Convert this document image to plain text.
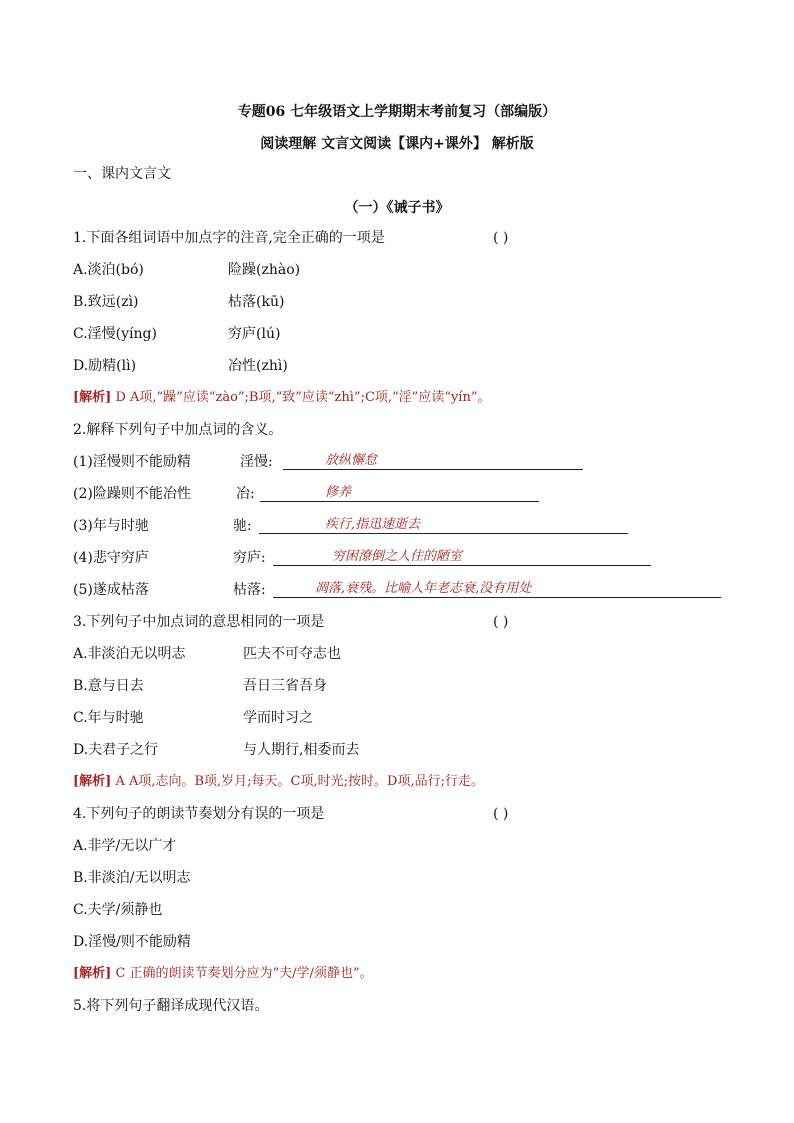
专题06 七年级语文上学期期末考前复习（部编版）
阅读理解 文言文阅读【课内+课外】 解析版
一、课内文言文
（一）《诫子书》
1.下面各组词语中加点字的注音,完全正确的一项是	( )
A.淡泊(bó)	险躁(zhào)
B.致远(zì)	枯落(kū)
C.淫慢(yíng)	穷庐(lú)
D.励精(lì)	冶性(zhì)
[解析] D A项,“躁”应读“zào”;B项,“致”应读“zhì”;C项,“淫”应读“yín”。
2.解释下列句子中加点词的含义。
(1)淫慢则不能励精	淫慢:	放纵懈怠
(2)险躁则不能冶性	冶:	修养
(3)年与时驰	驰:	疾行,指迅速逝去
(4)悲守穷庐	穷庐:	穷困潦倒之人住的陋室
(5)遂成枯落	枯落:	凋落,衰残。比喻人年老志衰,没有用处
3.下列句子中加点词的意思相同的一项是	( )
A.非淡泊无以明志	匹夫不可夺志也
B.意与日去	吾日三省吾身
C.年与时驰	学而时习之
D.夫君子之行	与人期行,相委而去
[解析] A A项,志向。B项,岁月;每天。C项,时光;按时。D项,品行;行走。
4.下列句子的朗读节奏划分有误的一项是	( )
A.非学/无以广才
B.非淡泊/无以明志
C.夫学/须静也
D.淫慢/则不能励精
[解析] C 正确的朗读节奏划分应为“夫/学/须静也”。
5.将下列句子翻译成现代汉语。
